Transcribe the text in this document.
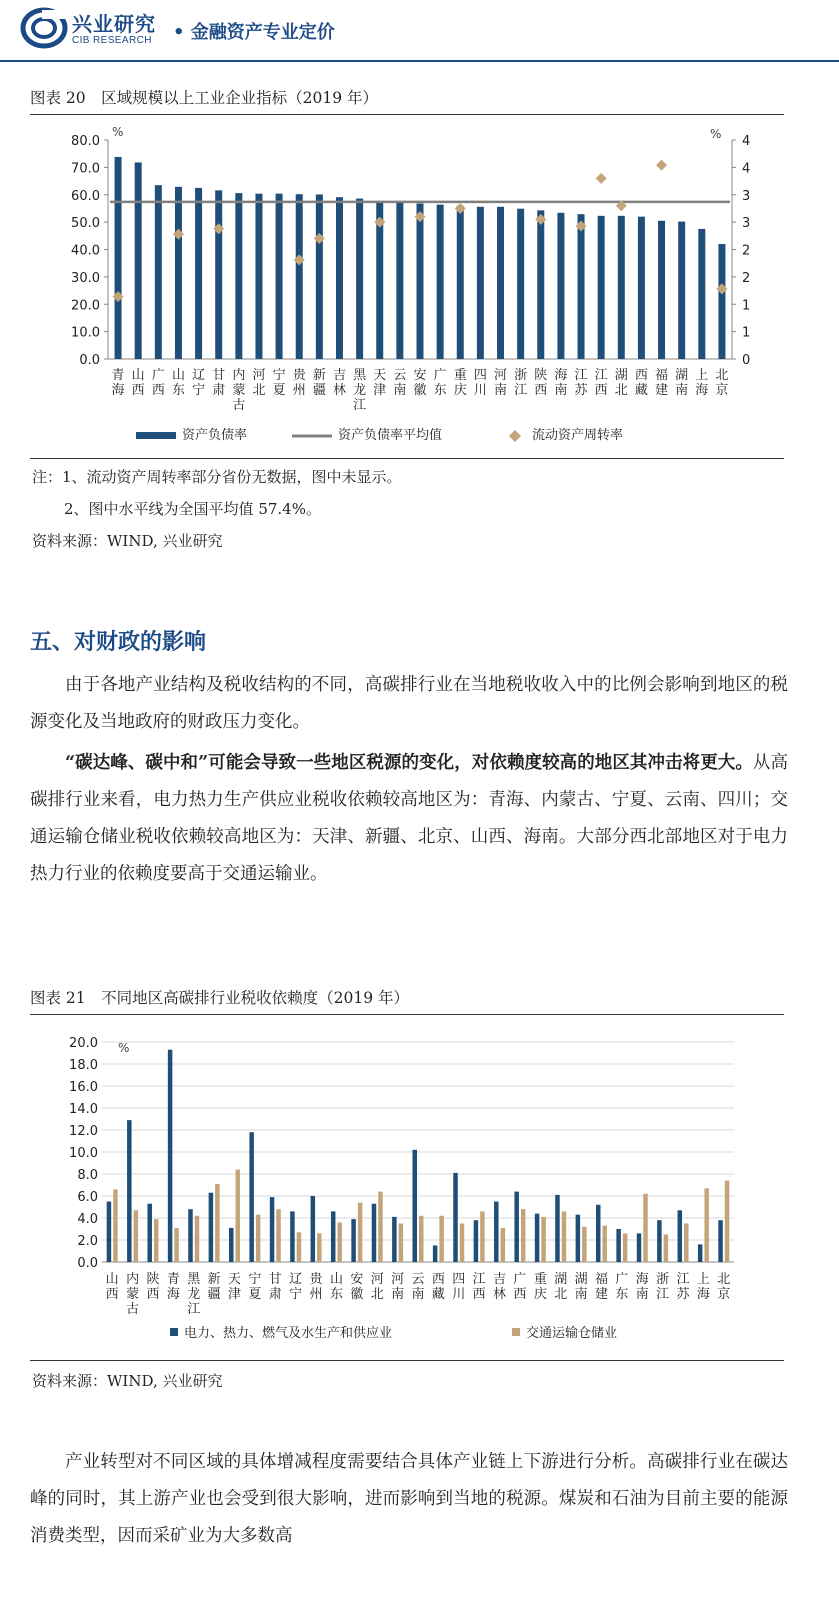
兴业研究
CIB RESEARCH • 金融资产专业定价
图表 20　区域规模以上工业企业指标（2019 年）
0.0
10.0
20.0
30.0
40.0
50.0
60.0
70.0
80.0
0
1
1
2
2
3
3
4
4
%	%
青海
山西
广西
山东
辽宁
甘肃
内蒙古
河北
宁夏
贵州
新疆
吉林
黑龙江
天津
云南
安徽
广东
重庆
四川
河南
浙江
陕西
海南
江苏
江西
湖北
西藏
福建
湖南
上海
北京
资产负债率	资产负债率平均值	流动资产周转率
注：1、流动资产周转率部分省份无数据，图中未显示。
2、图中水平线为全国平均值 57.4%。
资料来源：WIND, 兴业研究
五、对财政的影响
由于各地产业结构及税收结构的不同，高碳排行业在当地税收收入中的比例会影响到地区的税源变化及当地政府的财政压力变化。
“碳达峰、碳中和”可能会导致一些地区税源的变化，对依赖度较高的地区其冲击将更大。从高碳排行业来看，电力热力生产供应业税收依赖较高地区为：青海、内蒙古、宁夏、云南、四川；交通运输仓储业税收依赖较高地区为：天津、新疆、北京、山西、海南。大部分西北部地区对于电力热力行业的依赖度要高于交通运输业。
图表 21　不同地区高碳排行业税收依赖度（2019 年）
0.0
2.0
4.0
6.0
8.0
10.0
12.0
14.0
16.0
18.0
20.0 %
山西
内蒙古
陕西
青海
黑龙江
新疆
天津
宁夏
甘肃
辽宁
贵州
山东
安徽
河北
河南
云南
西藏
四川
江西
吉林
广西
重庆
湖北
湖南
福建
广东
海南
浙江
江苏
上海
北京
电力、热力、燃气及水生产和供应业	交通运输仓储业
资料来源：WIND, 兴业研究
产业转型对不同区域的具体增减程度需要结合具体产业链上下游进行分析。高碳排行业在碳达峰的同时，其上游产业也会受到很大影响，进而影响到当地的税源。煤炭和石油为目前主要的能源消费类型，因而采矿业为大多数高
